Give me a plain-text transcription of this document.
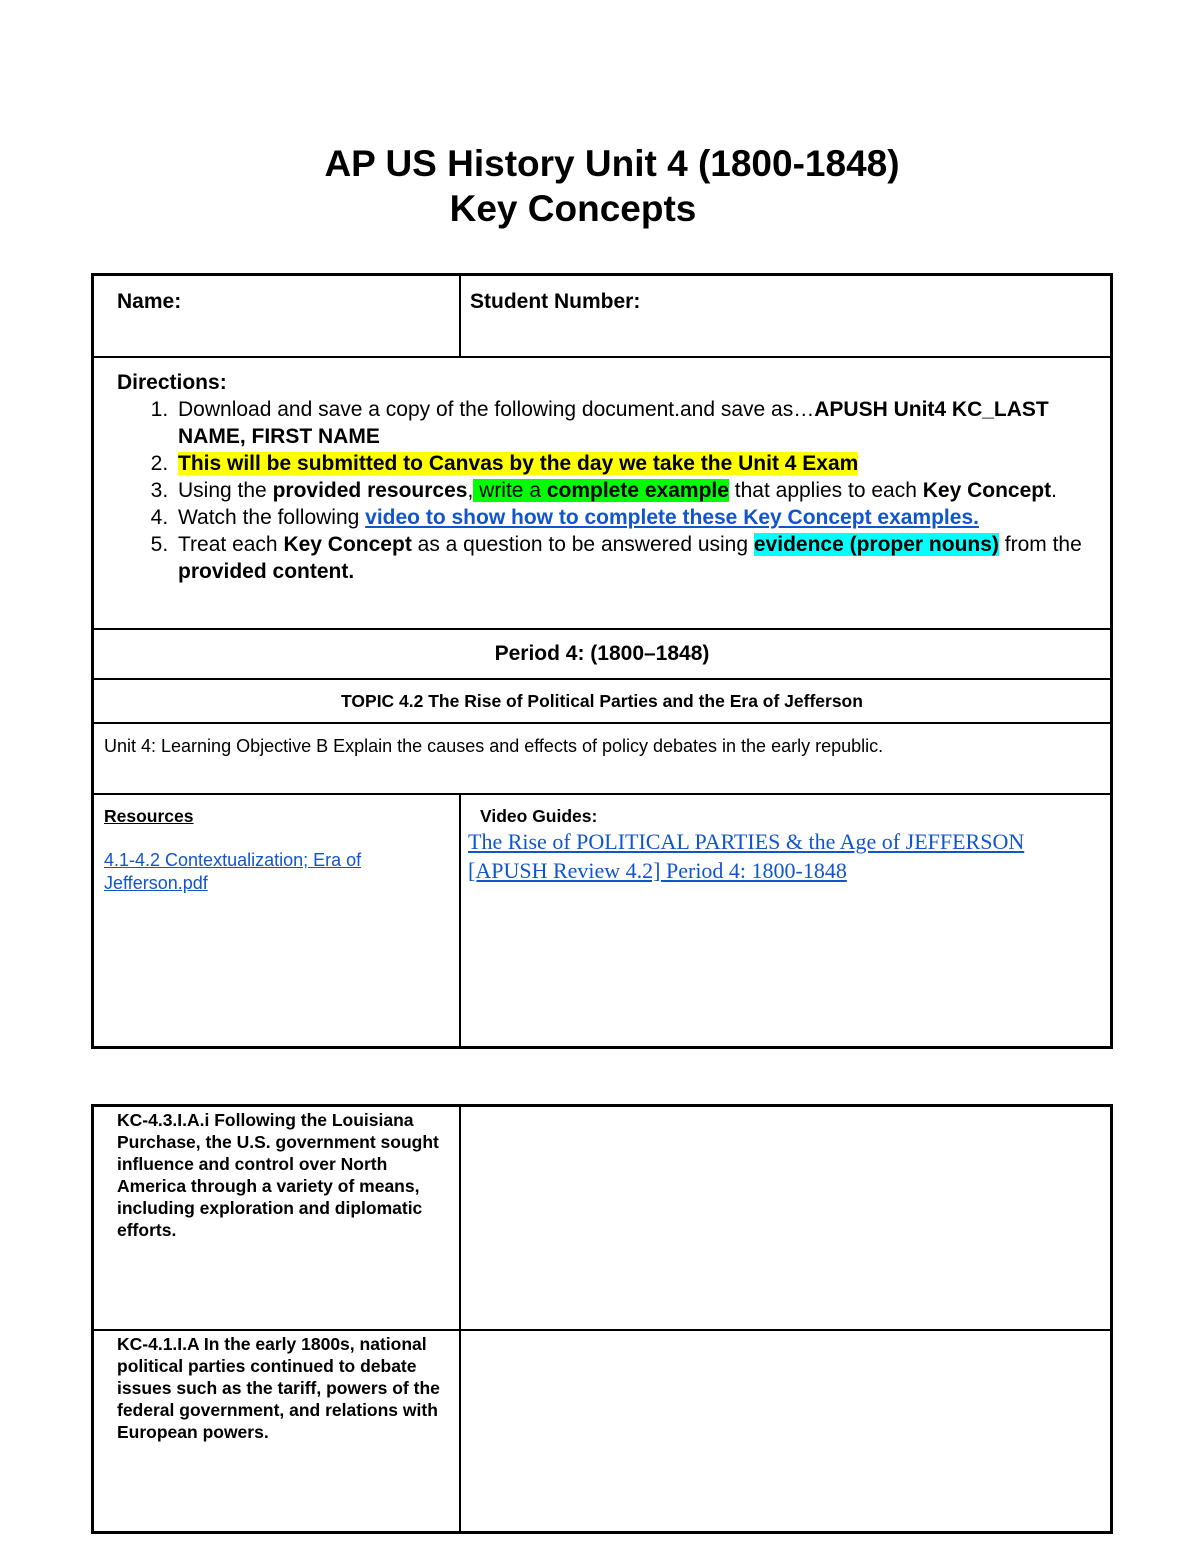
AP US History Unit 4 (1800-1848)
Key Concepts
Name:	Student Number:
Directions:
1. Download and save a copy of the following document.and save as…APUSH Unit4 KC_LAST NAME, FIRST NAME
2. This will be submitted to Canvas by the day we take the Unit 4 Exam
3. Using the provided resources, write a complete example that applies to each Key Concept.
4. Watch the following video to show how to complete these Key Concept examples.
5. Treat each Key Concept as a question to be answered using evidence (proper nouns) from the provided content.
Period 4: (1800–1848)
TOPIC 4.2 The Rise of Political Parties and the Era of Jefferson
Unit 4: Learning Objective B Explain the causes and effects of policy debates in the early republic.
Resources
4.1-4.2 Contextualization; Era of Jefferson.pdf
Video Guides:
The Rise of POLITICAL PARTIES & the Age of JEFFERSON [APUSH Review 4.2] Period 4: 1800-1848
KC-4.3.I.A.i Following the Louisiana Purchase, the U.S. government sought influence and control over North America through a variety of means, including exploration and diplomatic efforts.
KC-4.1.I.A In the early 1800s, national political parties continued to debate issues such as the tariff, powers of the federal government, and relations with European powers.
